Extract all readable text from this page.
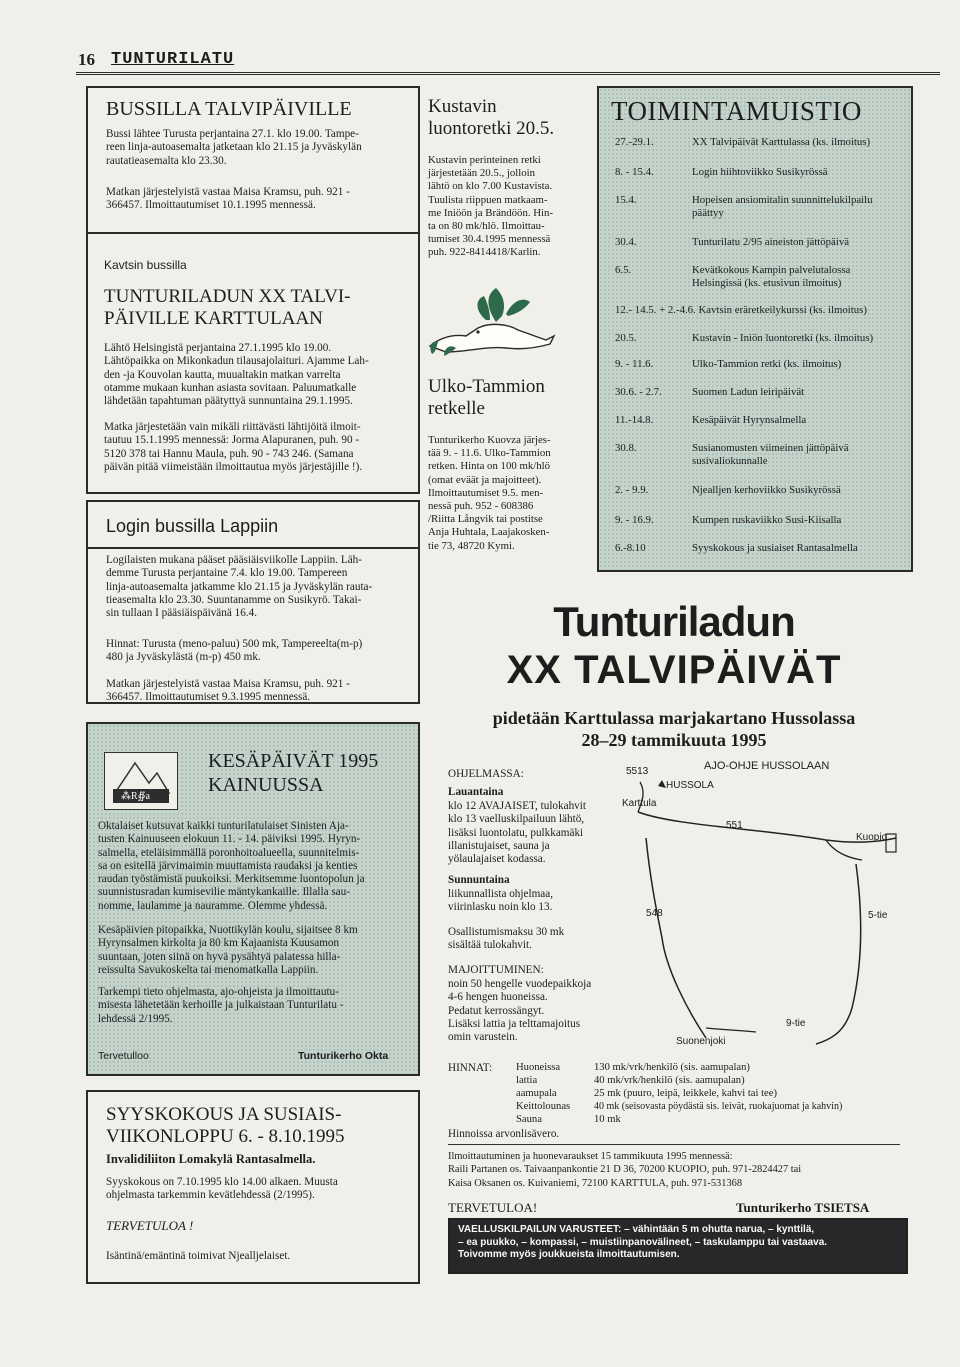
16 TUNTURILATU
BUSSILLA TALVIPÄIVILLE

Bussi lähtee Turusta perjantaina 27.1. klo 19.00. Tampe-

reen linja-autoasemalta jatketaan klo 21.15 ja Jyväskylän

rautatieasemalta klo 23.30.

Matkan järjestelyistä vastaa Maisa Kramsu, puh. 921 -

366457. Ilmoittautumiset 10.1.1995 mennessä.

Kavtsin bussilla

TUNTURILADUN XX TALVI-

PÄIVILLE KARTTULAAN

Lähtö Helsingistä perjantaina 27.1.1995 klo 19.00.

Lähtöpaikka on Mikonkadun tilausajolaituri. Ajamme Lah-

den -ja Kouvolan kautta, muualtakin matkan varrelta

otamme mukaan kunhan asiasta sovitaan. Paluumatkalle

lähdetään tapahtuman päätyttyä sunnuntaina 29.1.1995.

Matka järjestetään vain mikäli riittävästi lähtijöitä ilmoit-

tautuu 15.1.1995 mennessä: Jorma Alapuranen, puh. 90 -

5120 378 tai Hannu Maula, puh. 90 - 743 246. (Samana

päivän pitää viimeistään ilmoittautua myös järjestäjille !).

Login bussilla Lappiin

Logilaisten mukana pääset pääsiäisviikolle Lappiin. Läh-

demme Turusta perjantaine 7.4. klo 19.00. Tampereen

linja-autoasemalta jatkamme klo 21.15 ja Jyväskylän rauta-

tieasemalta klo 23.30. Suuntanamme on Susikyrö. Takai-

sin tullaan I pääsiäispäivänä 16.4.

Hinnat: Turusta (meno-paluu) 500 mk, Tampereelta(m-p)

480 ja Jyväskylästä (m-p) 450 mk.

Matkan järjestelyistä vastaa Maisa Kramsu, puh. 921 -

366457. Ilmoittautumiset 9.3.1995 mennessä.

⁂R∯a
KESÄPÄIVÄT 1995
KAINUUSSA

Oktalaiset kutsuvat kaikki tunturilatulaiset Sinisten Aja-

tusten Kainuuseen elokuun 11. - 14. päiviksi 1995. Hyryn-

salmella, eteläisimmällä poronhoitoalueella, suunnitelmis-

sa on esitellä järvimaimin muuttamista raudaksi ja kenties

raudan työstämistä puukoiksi. Merkitsemme luontopolun ja

suunnistusradan kumisevilie mäntykankaille. Illalla sau-

nomme, laulamme ja nauramme. Olemme yhdessä.

Kesäpäivien pitopaikka, Nuottikylän koulu, sijaitsee 8 km

Hyrynsalmen kirkolta ja 80 km Kajaanista Kuusamon

suuntaan, joten siinä on hyvä pysähtyä palatessa hilla-

reissulta Savukoskelta tai menomatkalla Lappiin.

Tarkempi tieto ohjelmasta, ajo-ohjeista ja ilmoittautu-

misesta lähetetään kerhoille ja julkaistaan Tunturilatu -

lehdessä 2/1995.

Tervetulloo	Tunturikerho Okta
SYYSKOKOUS JA SUSIAIS-
VIIKONLOPPU 6. - 8.10.1995
Invalidiliiton Lomakylä Rantasalmella.

Syyskokous on 7.10.1995 klo 14.00 alkaen. Muusta

ohjelmasta tarkemmin kevätlehdessä (2/1995).

TERVETULOA !
Isäntinä/emäntinä toimivat Njealljelaiset.

Kustavin

luontoretki 20.5.

Kustavin perinteinen retki

järjestetään 20.5., jolloin

lähtö on klo 7.00 Kustavista.

Tuulista riippuen matkaam-

me Iniöön ja Brändöön. Hin-

ta on 80 mk/hlö. Ilmoittau-

tumiset 30.4.1995 mennessä

puh. 922-8414418/Karlin.

Ulko-Tammion

retkelle

Tunturikerho Kuovza järjes-

tää 9. - 11.6. Ulko-Tammion

retken. Hinta on 100 mk/hlö

(omat eväät ja majoitteet).

Ilmoittautumiset 9.5. men-

nessä puh. 952 - 608386

/Riitta Långvik tai postitse

Anja Huhtala, Laajakosken-

tie 73, 48720 Kymi.

TOIMINTAMUISTIO
27.-29.1.	XX Talvipäivät Karttulassa (ks. ilmoitus)
8. - 15.4.	Login hiihtoviikko Susikyrössä
15.4.	Hopeisen ansiomitalin suunnittelukilpailu

päättyy

30.4.	Tunturilatu 2/95 aineiston jättöpäivä
6.5.	Kevätkokous Kampin palvelutalossa

Helsingissä (ks. etusivun ilmoitus)

12.- 14.5. + 2.-4.6. Kavtsin eräretkeilykurssi (ks. ilmoitus)
20.5.	Kustavin - Iniön luontoretki (ks. ilmoitus)
9. - 11.6.	Ulko-Tammion retki (ks. ilmoitus)
30.6. - 2.7.	Suomen Ladun leiripäivät
11.-14.8.	Kesäpäivät Hyrynsalmella
30.8.	Susianomusten viimeinen jättöpäivä

susivaliokunnalle

2. - 9.9.	Njealljen kerhoviikko Susikyrössä
9. - 16.9.	Kumpen ruskaviikko Susi-Kiisalla
6.-8.10	Syyskokous ja susiaiset Rantasalmella
Tunturiladun
XX TALVIPÄIVÄT
pidetään Karttulassa marjakartano Hussolassa
28–29 tammikuuta 1995
OHJELMASSA:
Lauantaina

klo 12 AVAJAISET, tulokahvit

klo 13 vaelluskilpailuun lähtö,

lisäksi luontolatu, pulkkamäki

illanistujaiset, sauna ja

yölaulajaiset kodassa.

Sunnuntaina

liikunnallista ohjelmaa,

viirinlasku noin klo 13.

Osallistumismaksu 30 mk

sisältää tulokahvit.

MAJOITTUMINEN:

noin 50 hengelle vuodepaikkoja

4-6 hengen huoneissa.

Pedatut kerrossängyt.

Lisäksi lattia ja telttamajoitus

omin varustein.

AJO-OHJE HUSSOLAAN
5513
HUSSOLA
Karttula
551
Kuopio
548	5-tie
9-tie
Suonenjoki
HINNAT: Huoneissa	130 mk/vrk/henkilö (sis. aamupalan)
lattia	40 mk/vrk/henkilö (sis. aamupalan)
aamupala	25 mk (puuro, leipä, leikkele, kahvi tai tee)
Keittolounas 40 mk (seisovasta pöydästä sis. leivät, ruokajuomat ja kahvin)
Sauna	10 mk
Hinnoissa arvonlisävero.

Ilmoittautuminen ja huonevaraukset 15 tammikuuta 1995 mennessä:

Raili Partanen os. Taivaanpankontie 21 D 36, 70200 KUOPIO, puh. 971-2824427 tai

Kaisa Oksanen os. Kuivaniemi, 72100 KARTTULA, puh. 971-531368

TERVETULOA!	Tunturikerho TSIETSA

VAELLUSKILPAILUN VARUSTEET: – vähintään 5 m ohutta narua, – kynttilä,

– ea puukko, – kompassi, – muistiinpanovälineet, – taskulamppu tai vastaava.

Toivomme myös joukkueista ilmoittautumisen.
